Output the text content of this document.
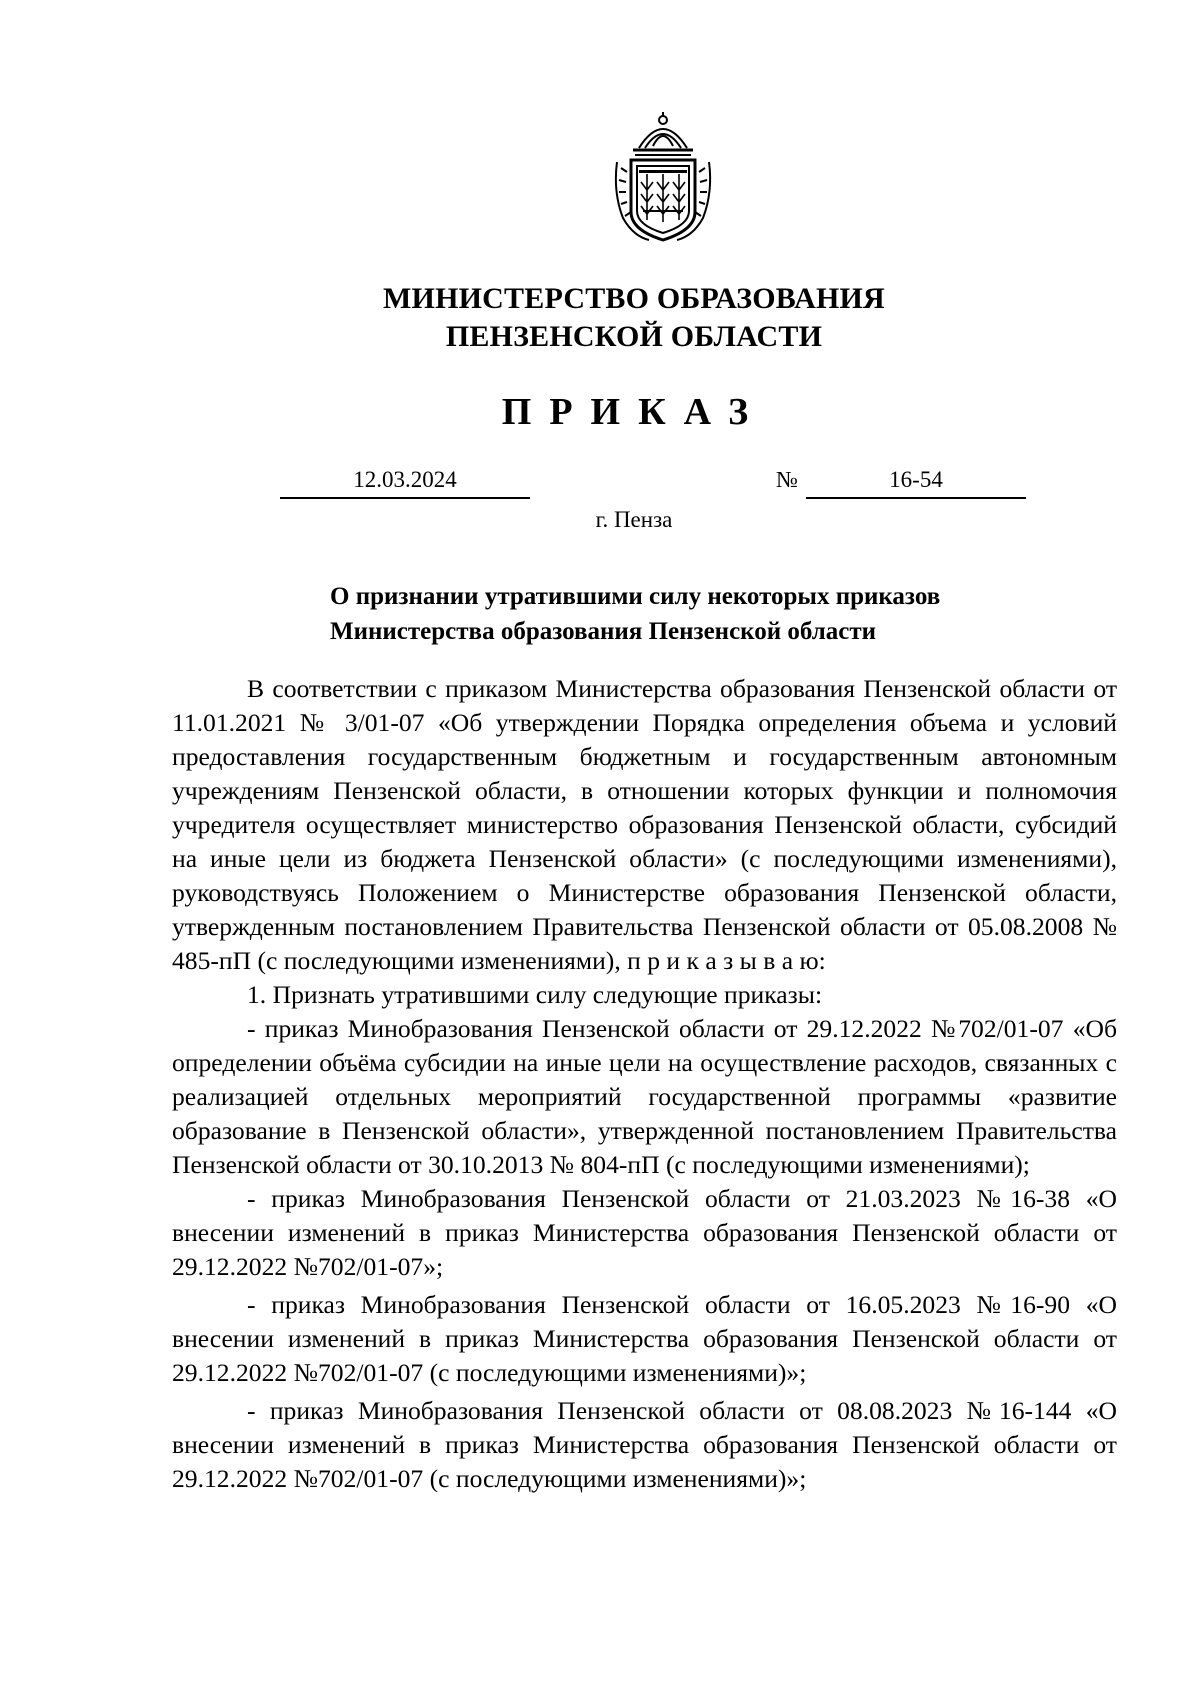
МИНИСТЕРСТВО ОБРАЗОВАНИЯ
ПЕНЗЕНСКОЙ ОБЛАСТИ
ПРИКАЗ
12.03.2024	№	16-54
г. Пенза
О признании утратившими силу некоторых приказов
Министерства образования Пензенской области

В соответствии с приказом Министерства образования Пензенской области от 11.01.2021 № 3/01-07 «Об утверждении Порядка определения объема и условий предоставления государственным бюджетным и государственным автономным учреждениям Пензенской области, в отношении которых функции и полномочия учредителя осуществляет министерство образования Пензенской области, субсидий на иные цели из бюджета Пензенской области» (с последующими изменениями), руководствуясь Положением о Министерстве образования Пензенской области, утвержденным постановлением Правительства Пензенской области от 05.08.2008 № 485-пП (с последующими изменениями), п р и к а з ы в а ю:

1. Признать утратившими силу следующие приказы:

- приказ Минобразования Пензенской области от 29.12.2022 №702/01-07 «Об определении объёма субсидии на иные цели на осуществление расходов, связанных с реализацией отдельных мероприятий государственной программы «развитие образование в Пензенской области», утвержденной постановлением Правительства Пензенской области от 30.10.2013 № 804-пП (с последующими изменениями);

- приказ Минобразования Пензенской области от 21.03.2023 №16-38 «О внесении изменений в приказ Министерства образования Пензенской области от 29.12.2022 №702/01-07»;

- приказ Минобразования Пензенской области от 16.05.2023 №16-90 «О внесении изменений в приказ Министерства образования Пензенской области от 29.12.2022 №702/01-07 (с последующими изменениями)»;

- приказ Минобразования Пензенской области от 08.08.2023 №16-144 «О внесении изменений в приказ Министерства образования Пензенской области от 29.12.2022 №702/01-07 (с последующими изменениями)»;
